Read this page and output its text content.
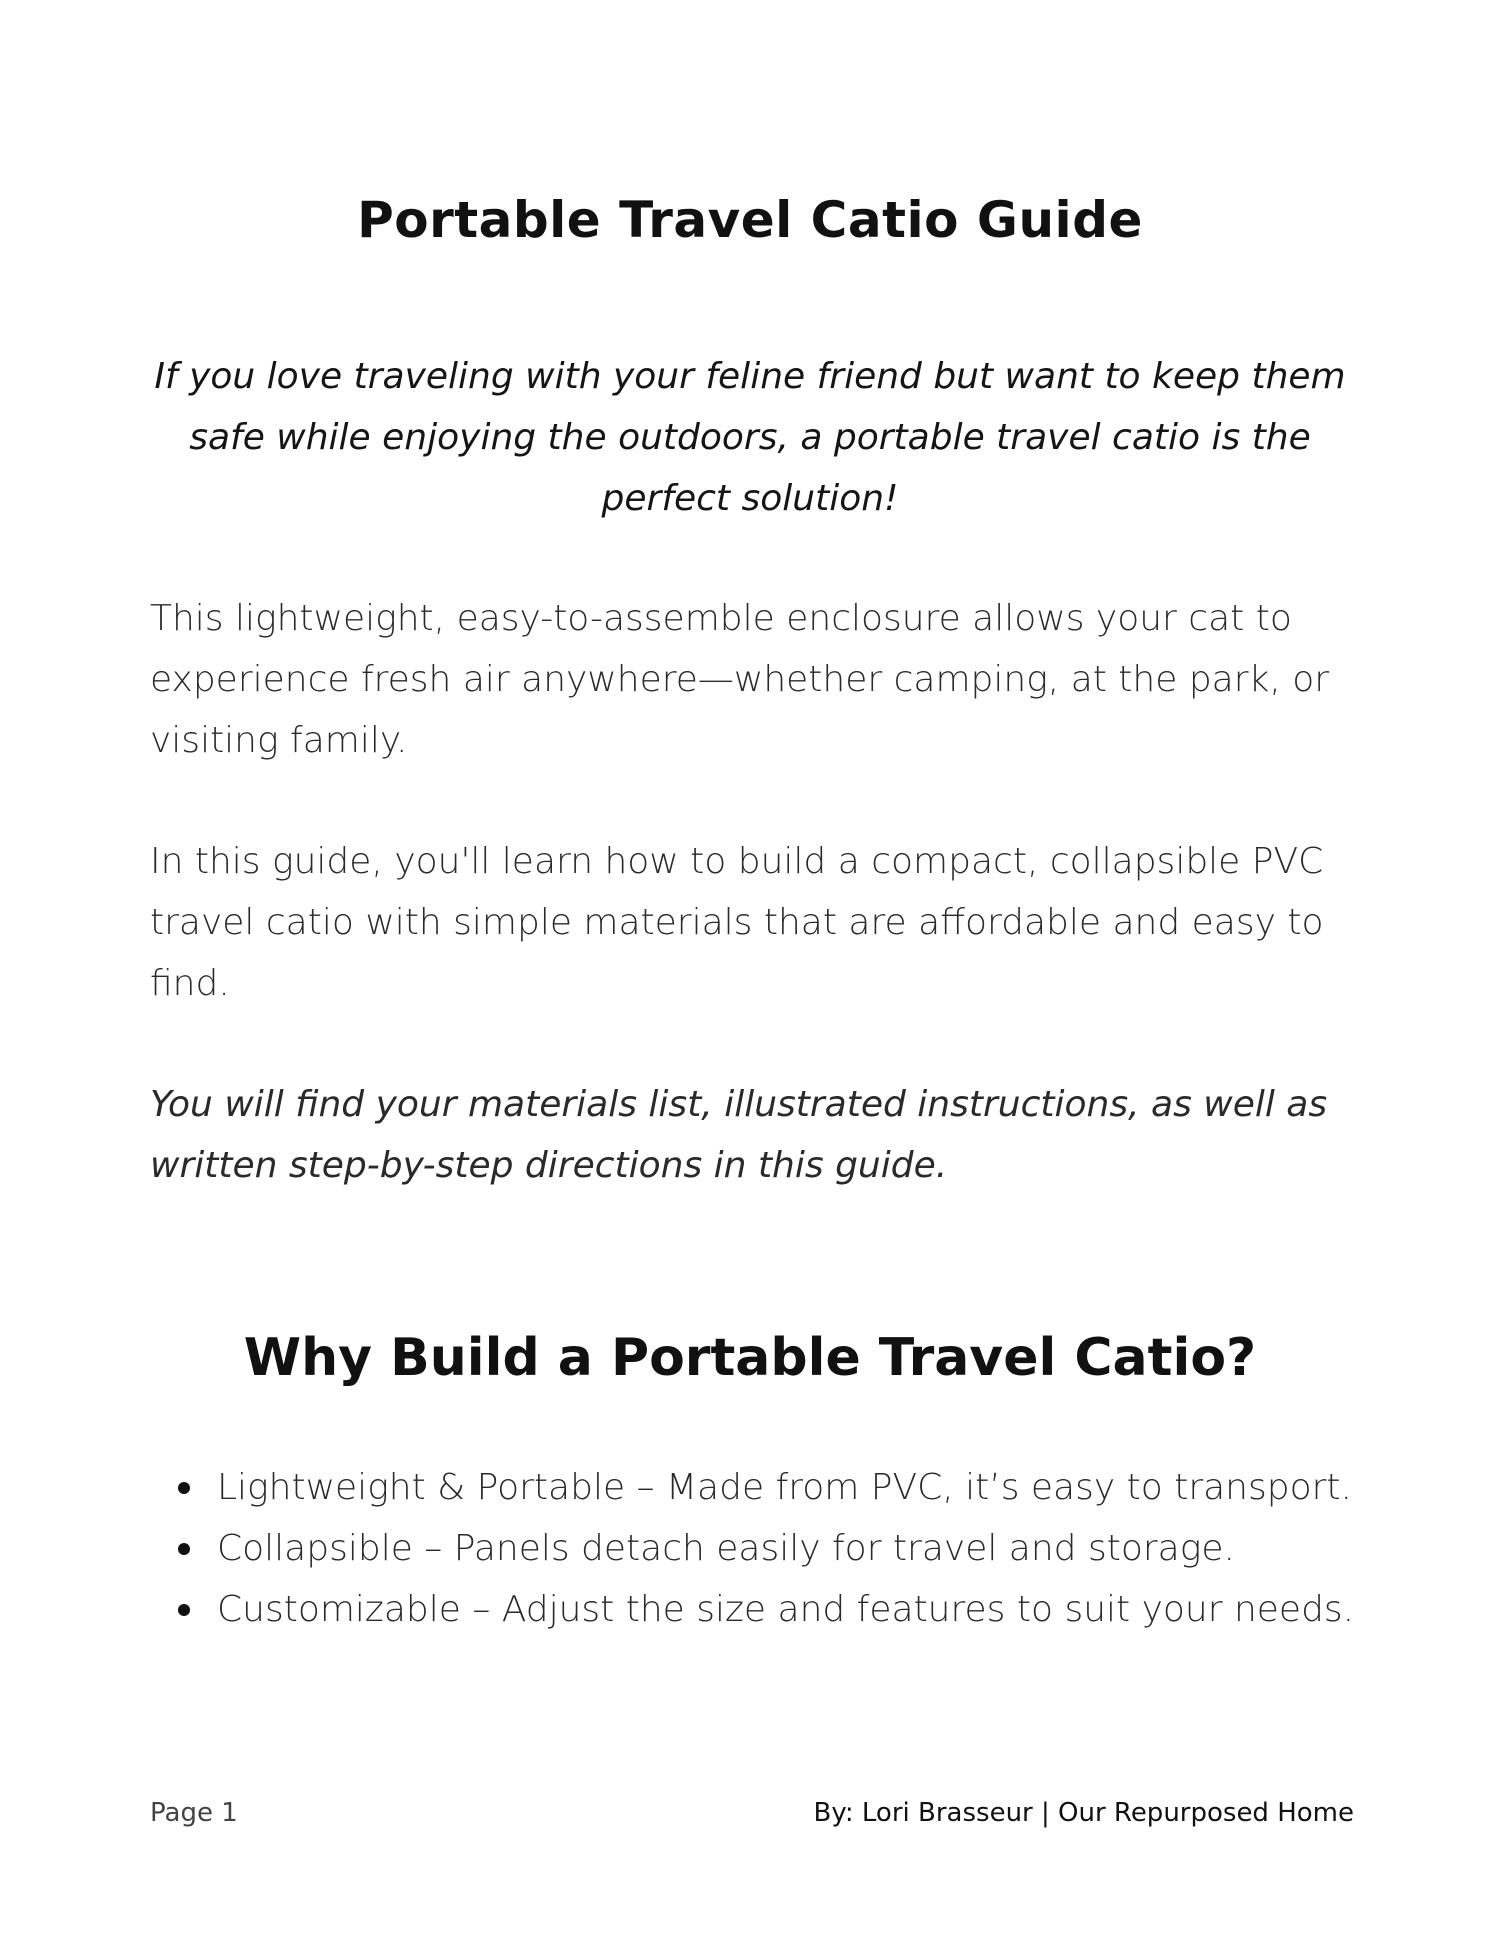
Portable Travel Catio Guide

If you love traveling with your feline friend but want to keep them safe while enjoying the outdoors, a portable travel catio is the perfect solution!

This lightweight, easy-to-assemble enclosure allows your cat to experience fresh air anywhere—whether camping, at the park, or visiting family.

In this guide, you'll learn how to build a compact, collapsible PVC travel catio with simple materials that are affordable and easy to find.

You will find your materials list, illustrated instructions, as well as written step-by-step directions in this guide.

Why Build a Portable Travel Catio?
Lightweight & Portable – Made from PVC, it’s easy to transport.
Collapsible – Panels detach easily for travel and storage.
Customizable – Adjust the size and features to suit your needs.
Page 1	By: Lori Brasseur | Our Repurposed Home
